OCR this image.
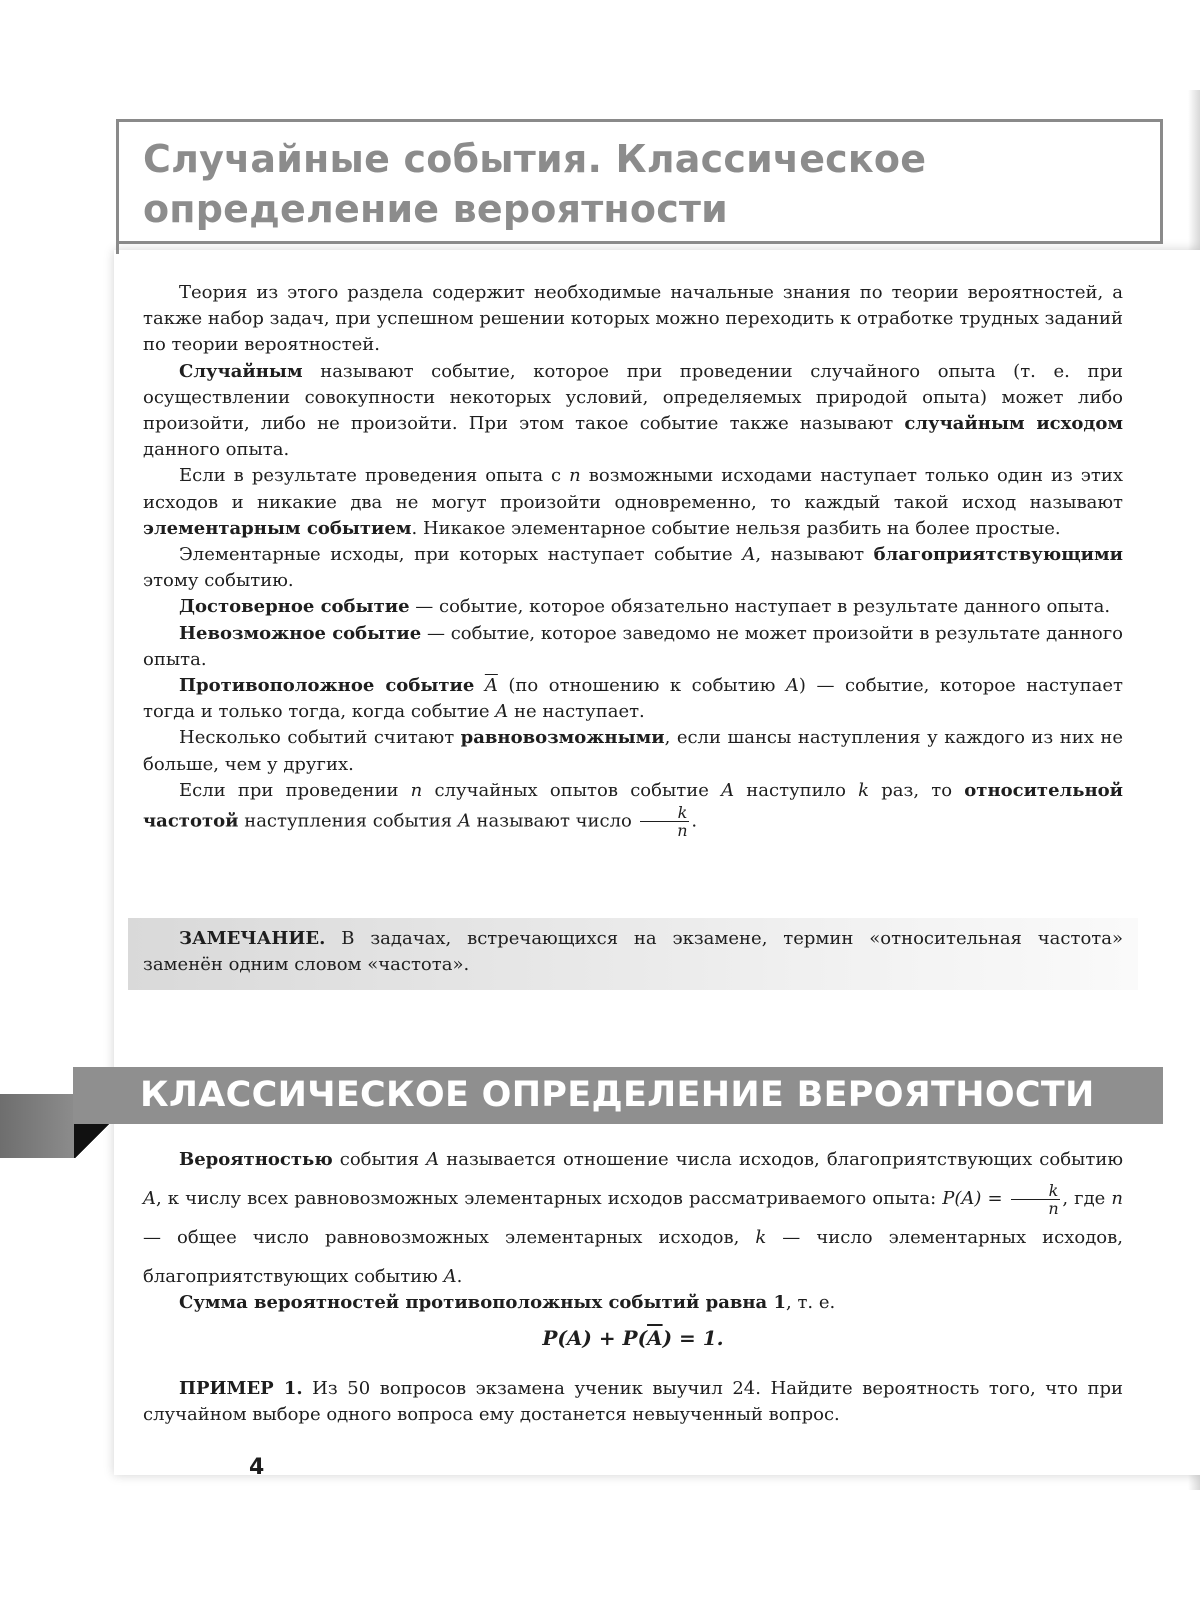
Случайные события. Классическое
определение вероятности

Теория из этого раздела содержит необходимые начальные знания по теории вероятностей, а также набор задач, при успешном решении которых можно переходить к отработке трудных заданий по теории вероятностей.

Случайным называют событие, которое при проведении случайного опыта (т. е. при осуществлении совокупности некоторых условий, определяемых природой опыта) может либо произойти, либо не произойти. При этом такое событие также называют случайным исходом данного опыта.

Если в результате проведения опыта с n возможными исходами наступает только один из этих исходов и никакие два не могут произойти одновременно, то каждый такой исход называют элементарным событием. Никакое элементарное событие нельзя разбить на более простые.

Элементарные исходы, при которых наступает событие A, называют благоприятствующими этому событию.

Достоверное событие — событие, которое обязательно наступает в результате данного опыта.

Невозможное событие — событие, которое заведомо не может произойти в результате данного опыта.

Противоположное событие $\overline{A}$ (по отношению к событию A) — событие, которое наступает тогда и только тогда, когда событие A не наступает.

Несколько событий считают равновозможными, если шансы наступления у каждого из них не больше, чем у других.

Если при проведении n случайных опытов событие A наступило k раз, то относительной частотой наступления события A называют число $\frac{k}{n}$ .

ЗАМЕЧАНИЕ. В задачах, встречающихся на экзамене, термин «относительная частота» заменён одним словом «частота».

КЛАССИЧЕСКОЕ ОПРЕДЕЛЕНИЕ ВЕРОЯТНОСТИ

Вероятностью события A называется отношение числа исходов, благоприятствующих событию A, к числу всех равновозможных элементарных исходов рассматриваемого опыта: $P(A) = \frac{k}{n}$ , где n — общее число равновозможных элементарных исходов, k — число элементарных исходов, благоприятствующих событию A.

Сумма вероятностей противоположных событий равна 1, т. е.

$P(A) + P(\overline{A}) = 1$.

ПРИМЕР 1. Из 50 вопросов экзамена ученик выучил 24. Найдите вероятность того, что при случайном выборе одного вопроса ему достанется невыученный вопрос.

4
